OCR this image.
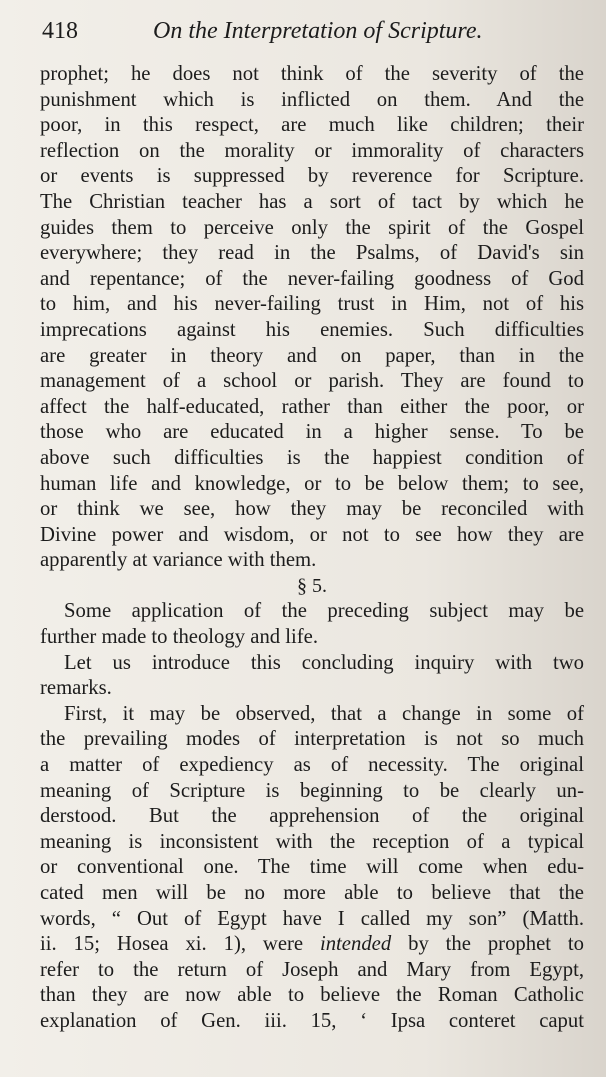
418	On the Interpretation of Scripture.
prophet; he does not think of the severity of the
punishment which is inflicted on them. And the
poor, in this respect, are much like children; their
reflection on the morality or immorality of characters
or events is suppressed by reverence for Scripture.
The Christian teacher has a sort of tact by which he
guides them to perceive only the spirit of the Gospel
everywhere; they read in the Psalms, of David's sin
and repentance; of the never-failing goodness of God
to him, and his never-failing trust in Him, not of his
imprecations against his enemies. Such difficulties
are greater in theory and on paper, than in the
management of a school or parish. They are found to
affect the half-educated, rather than either the poor, or
those who are educated in a higher sense. To be
above such difficulties is the happiest condition of
human life and knowledge, or to be below them; to see,
or think we see, how they may be reconciled with
Divine power and wisdom, or not to see how they are
apparently at variance with them.
§ 5.
Some application of the preceding subject may be
further made to theology and life.
Let us introduce this concluding inquiry with two
remarks.
First, it may be observed, that a change in some of
the prevailing modes of interpretation is not so much
a matter of expediency as of necessity. The original
meaning of Scripture is beginning to be clearly un-
derstood. But the apprehension of the original
meaning is inconsistent with the reception of a typical
or conventional one. The time will come when edu-
cated men will be no more able to believe that the
words, “ Out of Egypt have I called my son” (Matth.
ii. 15; Hosea xi. 1), were intended by the prophet to
refer to the return of Joseph and Mary from Egypt,
than they are now able to believe the Roman Catholic
explanation of Gen. iii. 15, ‘ Ipsa conteret caput
